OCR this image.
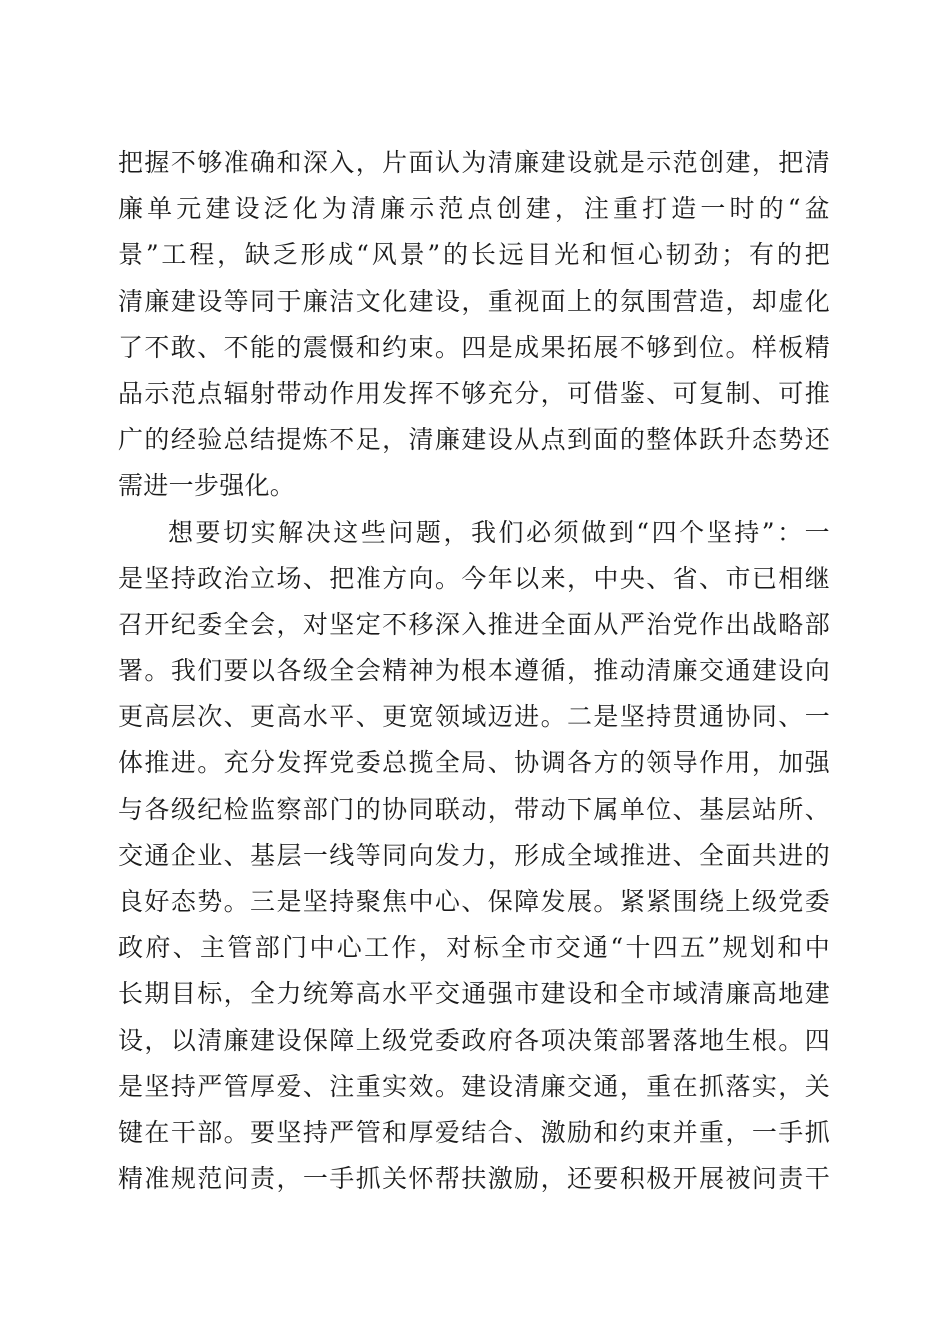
把握不够准确和深入，片面认为清廉建设就是示范创建，把清
廉单元建设泛化为清廉示范点创建，注重打造一时的“盆
景”工程，缺乏形成“风景”的长远目光和恒心韧劲；有的把
清廉建设等同于廉洁文化建设，重视面上的氛围营造，却虚化
了不敢、不能的震慑和约束。四是成果拓展不够到位。样板精
品示范点辐射带动作用发挥不够充分，可借鉴、可复制、可推
广的经验总结提炼不足，清廉建设从点到面的整体跃升态势还
需进一步强化。
想要切实解决这些问题，我们必须做到“四个坚持”：一
是坚持政治立场、把准方向。今年以来，中央、省、市已相继
召开纪委全会，对坚定不移深入推进全面从严治党作出战略部
署。我们要以各级全会精神为根本遵循，推动清廉交通建设向
更高层次、更高水平、更宽领域迈进。二是坚持贯通协同、一
体推进。充分发挥党委总揽全局、协调各方的领导作用，加强
与各级纪检监察部门的协同联动，带动下属单位、基层站所、
交通企业、基层一线等同向发力，形成全域推进、全面共进的
良好态势。三是坚持聚焦中心、保障发展。紧紧围绕上级党委
政府、主管部门中心工作，对标全市交通“十四五”规划和中
长期目标，全力统筹高水平交通强市建设和全市域清廉高地建
设，以清廉建设保障上级党委政府各项决策部署落地生根。四
是坚持严管厚爱、注重实效。建设清廉交通，重在抓落实，关
键在干部。要坚持严管和厚爱结合、激励和约束并重，一手抓
精准规范问责，一手抓关怀帮扶激励，还要积极开展被问责干
